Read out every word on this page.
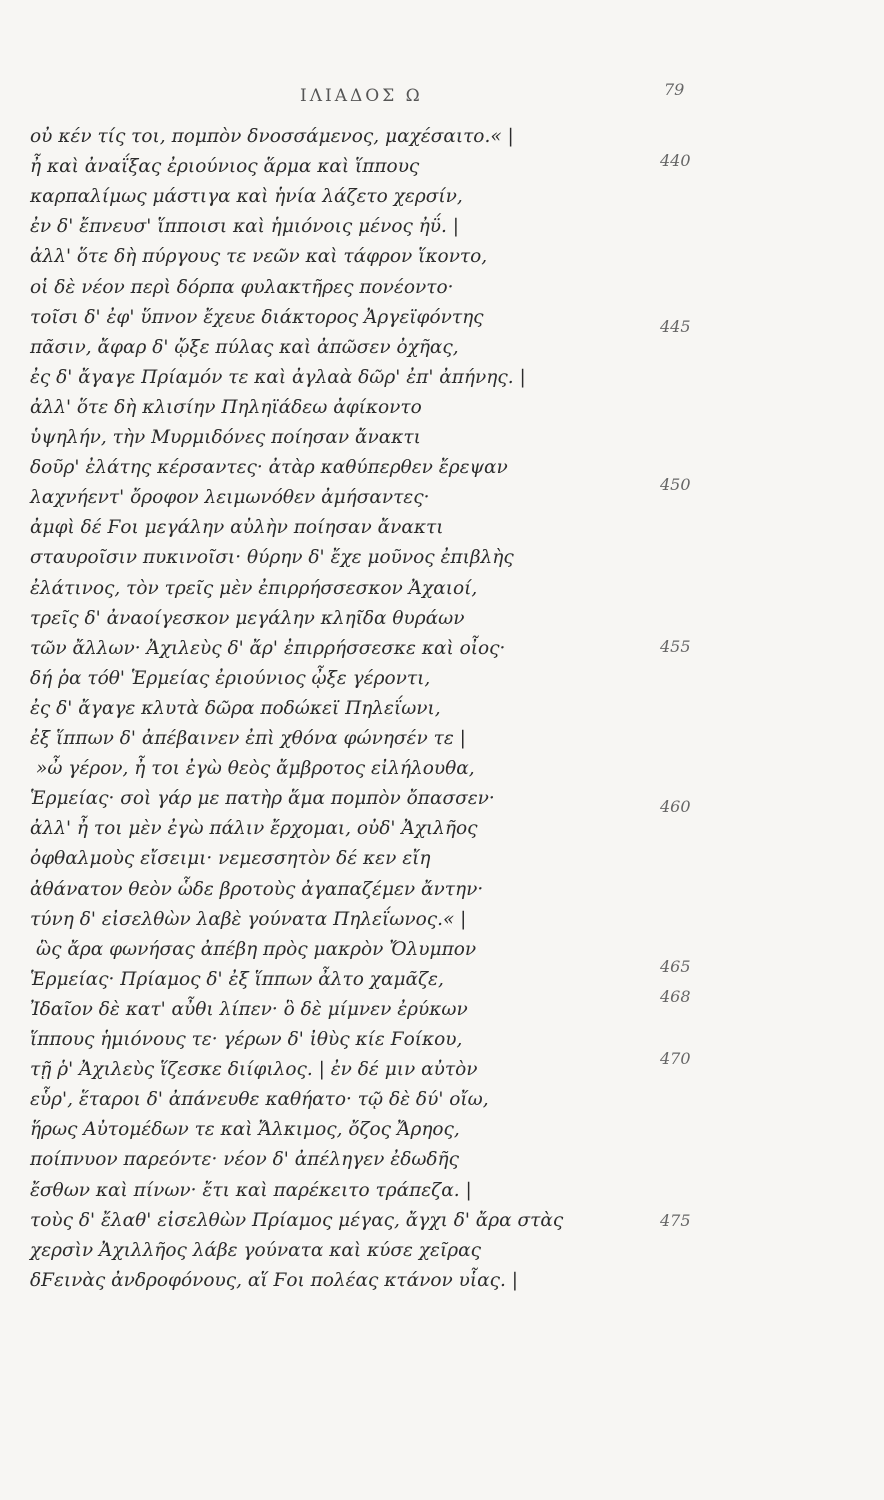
ΙΛΙΑΔΟΣ Ω	79
οὐ κέν τίς τοι, πομπὸν δνοσσάμενος, μαχέσαιτο.« |
ἦ καὶ ἀναΐξας ἐριούνιος ἅρμα καὶ ἵππους
καρπαλίμως μάστιγα καὶ ἡνία λάζετο χερσίν,
ἐν δ' ἔπνευσ' ἵπποισι καὶ ἡμιόνοις μένος ἠΰ. |
ἀλλ' ὅτε δὴ πύργους τε νεῶν καὶ τάφρον ἵκοντο,
οἱ δὲ νέον περὶ δόρπα φυλακτῆρες πονέοντο·
τοῖσι δ' ἐφ' ὕπνον ἔχευε διάκτορος Ἀργεϊφόντης
πᾶσιν, ἄφαρ δ' ᾤξε πύλας καὶ ἀπῶσεν ὀχῆας,
ἐς δ' ἄγαγε Πρίαμόν τε καὶ ἀγλαὰ δῶρ' ἐπ' ἀπήνης. |
ἀλλ' ὅτε δὴ κλισίην Πηληϊάδεω ἀφίκοντο
ὑψηλήν, τὴν Μυρμιδόνες ποίησαν ἄνακτι
δοῦρ' ἐλάτης κέρσαντες· ἀτὰρ καθύπερθεν ἔρεψαν
λαχνήεντ' ὄροφον λειμωνόθεν ἀμήσαντες·
ἀμφὶ δέ Ϝοι μεγάλην αὐλὴν ποίησαν ἄνακτι
σταυροῖσιν πυκινοῖσι· θύρην δ' ἔχε μοῦνος ἐπιβλὴς
ἐλάτινος, τὸν τρεῖς μὲν ἐπιρρήσσεσκον Ἀχαιοί,
τρεῖς δ' ἀναοίγεσκον μεγάλην κληῖδα θυράων
τῶν ἄλλων· Ἀχιλεὺς δ' ἄρ' ἐπιρρήσσεσκε καὶ οἶος·
δή ῥα τόθ' Ἑρμείας ἐριούνιος ᾦξε γέροντι,
ἐς δ' ἄγαγε κλυτὰ δῶρα ποδώκεϊ Πηλεΐωνι,
ἐξ ἵππων δ' ἀπέβαινεν ἐπὶ χθόνα φώνησέν τε |
»ὦ γέρον, ἦ τοι ἐγὼ θεὸς ἄμβροτος εἰλήλουθα,
Ἑρμείας· σοὶ γάρ με πατὴρ ἅμα πομπὸν ὄπασσεν·
ἀλλ' ἦ τοι μὲν ἐγὼ πάλιν ἔρχομαι, οὐδ' Ἀχιλῆος
ὀφθαλμοὺς εἴσειμι· νεμεσσητὸν δέ κεν εἴη
ἀθάνατον θεὸν ὧδε βροτοὺς ἀγαπαζέμεν ἄντην·
τύνη δ' εἰσελθὼν λαβὲ γούνατα Πηλεΐωνος.« |
ὣς ἄρα φωνήσας ἀπέβη πρὸς μακρὸν Ὄλυμπον
Ἑρμείας· Πρίαμος δ' ἐξ ἵππων ἆλτο χαμᾶζε,
Ἰδαῖον δὲ κατ' αὖθι λίπεν· ὃ δὲ μίμνεν ἐρύκων
ἵππους ἡμιόνους τε· γέρων δ' ἰθὺς κίε Ϝοίκου,
τῇ ῥ' Ἀχιλεὺς ἵζεσκε διίφιλος. | ἐν δέ μιν αὐτὸν
εὗρ', ἕταροι δ' ἀπάνευθε καθήατο· τῷ δὲ δύ' οἴω,
ἥρως Αὐτομέδων τε καὶ Ἄλκιμος, ὄζος Ἄρηος,
ποίπνυον παρεόντε· νέον δ' ἀπέληγεν ἐδωδῆς
ἔσθων καὶ πίνων· ἔτι καὶ παρέκειτο τράπεζα. |
τοὺς δ' ἔλαθ' εἰσελθὼν Πρίαμος μέγας, ἄγχι δ' ἄρα στὰς
χερσὶν Ἀχιλλῆος λάβε γούνατα καὶ κύσε χεῖρας
δϜεινὰς ἀνδροφόνους, αἵ Ϝοι πολέας κτάνον υἷας. |
440
445
450
455
460
465
468
470
475
